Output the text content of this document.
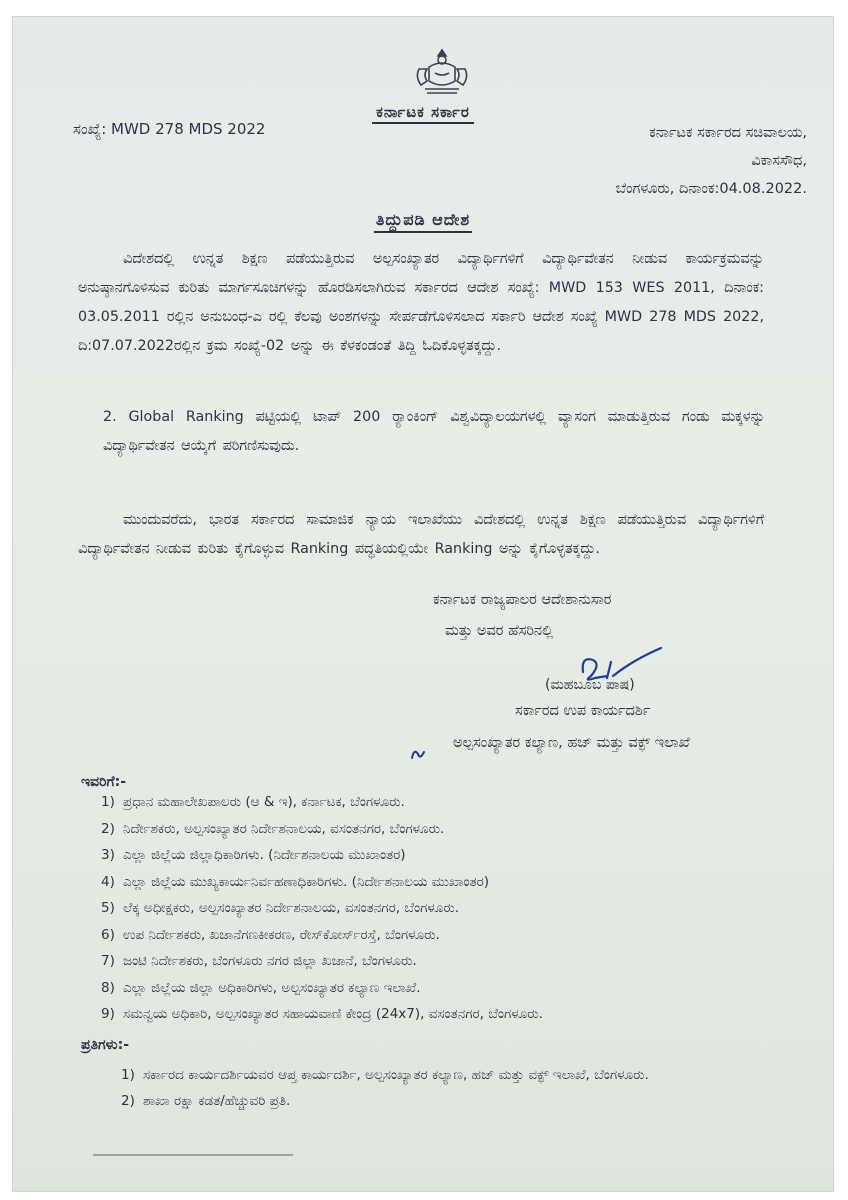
ಕರ್ನಾಟಕ ಸರ್ಕಾರ
ಸಂಖ್ಯೆ: MWD 278 MDS 2022	ಕರ್ನಾಟಕ ಸರ್ಕಾರದ ಸಚಿವಾಲಯ,
ವಿಕಾಸಸೌಧ,
ಬೆಂಗಳೂರು, ದಿನಾಂಕ:04.08.2022.
ತಿದ್ದುಪಡಿ ಆದೇಶ
ವಿದೇಶದಲ್ಲಿ ಉನ್ನತ ಶಿಕ್ಷಣ ಪಡೆಯುತ್ತಿರುವ ಅಲ್ಪಸಂಖ್ಯಾತರ ವಿದ್ಯಾರ್ಥಿಗಳಿಗೆ ವಿದ್ಯಾರ್ಥಿವೇತನ ನೀಡುವ ಕಾರ್ಯಕ್ರಮವನ್ನು ಅನುಷ್ಠಾನಗೊಳಿಸುವ ಕುರಿತು ಮಾರ್ಗಸೂಚಿಗಳನ್ನು ಹೊರಡಿಸಲಾಗಿರುವ ಸರ್ಕಾರದ ಆದೇಶ ಸಂಖ್ಯೆ: MWD 153 WES 2011, ದಿನಾಂಕ: 03.05.2011 ರಲ್ಲಿನ ಅನುಬಂಧ-ಎ ರಲ್ಲಿ ಕೆಲವು ಅಂಶಗಳನ್ನು ಸೇರ್ಪಡೆಗೊಳಿಸಲಾದ ಸರ್ಕಾರಿ ಆದೇಶ ಸಂಖ್ಯೆ MWD 278 MDS 2022, ದಿ:07.07.2022ರಲ್ಲಿನ ಕ್ರಮ ಸಂಖ್ಯೆ-02 ಅನ್ನು ಈ ಕೆಳಕಂಡಂತೆ ತಿದ್ದಿ ಓದಿಕೊಳ್ಳತಕ್ಕದ್ದು.
2. Global Ranking ಪಟ್ಟಿಯಲ್ಲಿ ಟಾಪ್ 200 ರ್‍ಯಾಂಕಿಂಗ್ ವಿಶ್ವವಿದ್ಯಾಲಯಗಳಲ್ಲಿ ವ್ಯಾಸಂಗ ಮಾಡುತ್ತಿರುವ ಗಂಡು ಮಕ್ಕಳನ್ನು ವಿದ್ಯಾರ್ಥಿವೇತನ ಆಯ್ಕೆಗೆ ಪರಿಗಣಿಸುವುದು.
ಮುಂದುವರೆದು, ಭಾರತ ಸರ್ಕಾರದ ಸಾಮಾಜಿಕ ನ್ಯಾಯ ಇಲಾಖೆಯು ವಿದೇಶದಲ್ಲಿ ಉನ್ನತ ಶಿಕ್ಷಣ ಪಡೆಯುತ್ತಿರುವ ವಿದ್ಯಾರ್ಥಿಗಳಿಗೆ ವಿದ್ಯಾರ್ಥಿವೇತನ ನೀಡುವ ಕುರಿತು ಕೈಗೊಳ್ಳುವ Ranking ಪದ್ಧತಿಯಲ್ಲಿಯೇ Ranking ಅನ್ನು ಕೈಗೊಳ್ಳತಕ್ಕದ್ದು.
ಕರ್ನಾಟಕ ರಾಜ್ಯಪಾಲರ ಆದೇಶಾನುಸಾರ
ಮತ್ತು ಅವರ ಹೆಸರಿನಲ್ಲಿ
(ಮಹಬೂಬ ಪಾಷ)
ಸರ್ಕಾರದ ಉಪ ಕಾರ್ಯದರ್ಶಿ
ಅಲ್ಪಸಂಖ್ಯಾತರ ಕಲ್ಯಾಣ, ಹಜ್ ಮತ್ತು ವಕ್ಫ್ ಇಲಾಖೆ
ಇವರಿಗೆ:-
1) ಪ್ರಧಾನ ಮಹಾಲೇಖಪಾಲರು (ಆ & ಇ), ಕರ್ನಾಟಕ, ಬೆಂಗಳೂರು.
2) ನಿರ್ದೇಶಕರು, ಅಲ್ಪಸಂಖ್ಯಾತರ ನಿರ್ದೇಶನಾಲಯ, ವಸಂತನಗರ, ಬೆಂಗಳೂರು.
3) ಎಲ್ಲಾ ಜಿಲ್ಲೆಯ ಜಿಲ್ಲಾಧಿಕಾರಿಗಳು. (ನಿರ್ದೇಶನಾಲಯ ಮುಖಾಂತರ)
4) ಎಲ್ಲಾ ಜಿಲ್ಲೆಯ ಮುಖ್ಯಕಾರ್ಯನಿರ್ವಹಣಾಧಿಕಾರಿಗಳು. (ನಿರ್ದೇಶನಾಲಯ ಮುಖಾಂತರ)
5) ಲೆಕ್ಕ ಅಧೀಕ್ಷಕರು, ಅಲ್ಪಸಂಖ್ಯಾತರ ನಿರ್ದೇಶನಾಲಯ, ವಸಂತನಗರ, ಬೆಂಗಳೂರು.
6) ಉಪ ನಿರ್ದೇಶಕರು, ಖಜಾನೆಗಣಕೀಕರಣ, ರೇಸ್‌ಕೋರ್ಸ್‌ರಸ್ತೆ, ಬೆಂಗಳೂರು.
7) ಜಂಟಿ ನಿರ್ದೇಶಕರು, ಬೆಂಗಳೂರು ನಗರ ಜಿಲ್ಲಾ ಖಜಾನೆ, ಬೆಂಗಳೂರು.
8) ಎಲ್ಲಾ ಜಿಲ್ಲೆಯ ಜಿಲ್ಲಾ ಅಧಿಕಾರಿಗಳು, ಅಲ್ಪಸಂಖ್ಯಾತರ ಕಲ್ಯಾಣ ಇಲಾಖೆ.
9) ಸಮನ್ವಯ ಅಧಿಕಾರಿ, ಅಲ್ಪಸಂಖ್ಯಾತರ ಸಹಾಯವಾಣಿ ಕೇಂದ್ರ (24x7), ವಸಂತನಗರ, ಬೆಂಗಳೂರು.
ಪ್ರತಿಗಳು:-
1) ಸರ್ಕಾರದ ಕಾರ್ಯದರ್ಶಿಯವರ ಆಪ್ತ ಕಾರ್ಯದರ್ಶಿ, ಅಲ್ಪಸಂಖ್ಯಾತರ ಕಲ್ಯಾಣ, ಹಜ್ ಮತ್ತು ವಕ್ಫ್ ಇಲಾಖೆ, ಬೆಂಗಳೂರು.
2) ಶಾಖಾ ರಕ್ಷಾ ಕಡತ/ಹೆಚ್ಚುವರಿ ಪ್ರತಿ.
